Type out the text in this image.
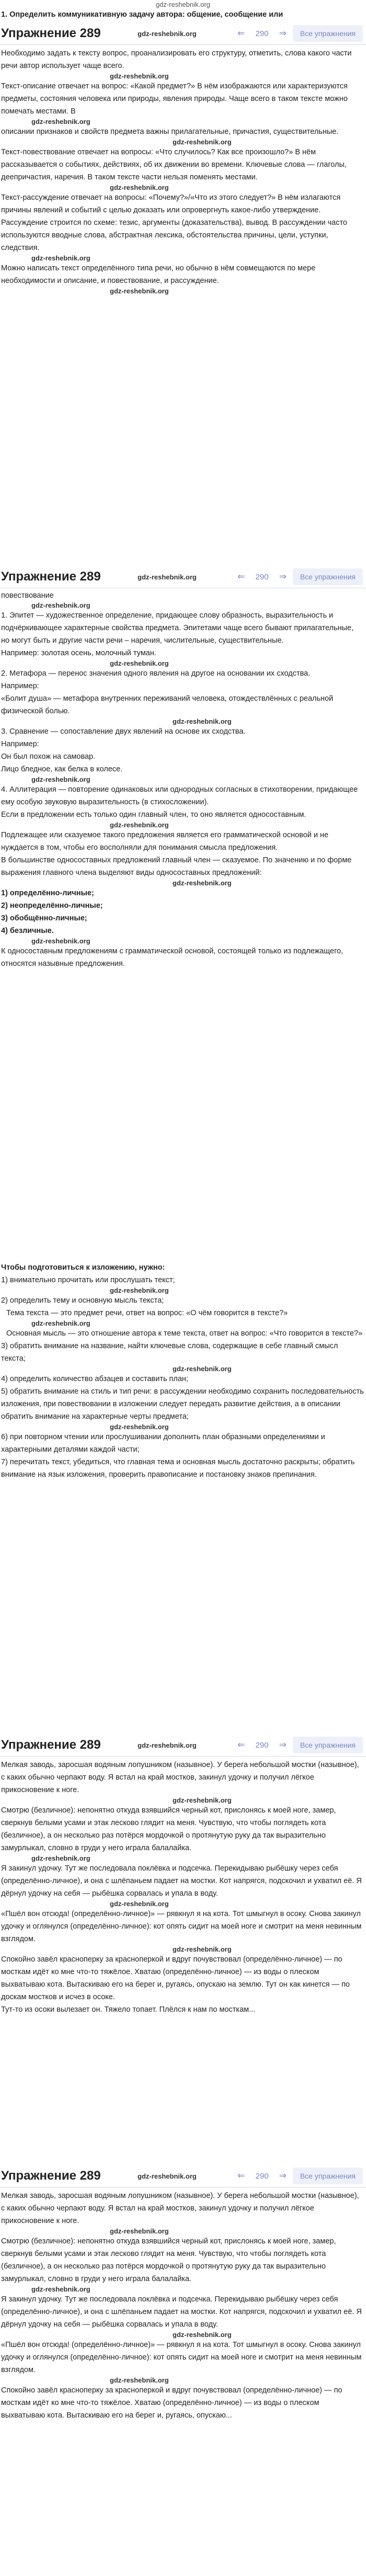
gdz-reshebnik.org
1. Определить коммуникативную задачу автора: общение, сообщение или
Упражнение 289	gdz-reshebnik.org	⇐	290	⇒	Все упражнения
Необходимо задать к тексту вопрос, проанализировать его структуру, отметить, слова какого части речи автор использует чаще всего.
gdz-reshebnik.org
Текст-описание отвечает на вопрос: «Какой предмет?» В нём изображаются или характеризуются предметы, состояния человека или природы, явления природы. Чаще всего в таком тексте можно помечать местами. В
gdz-reshebnik.org
описании признаков и свойств предмета важны прилагательные, причастия, существительные.
gdz-reshebnik.org
Текст-повествование отвечает на вопросы: «Что случилось? Как все произошло?» В нём рассказывается о событиях, действиях, об их движении во времени. Ключевые слова — глаголы, деепричастия, наречия. В таком тексте части нельзя поменять местами.
gdz-reshebnik.org
Текст-рассуждение отвечает на вопросы: «Почему?»/«Что из этого следует?» В нём излагаются причины явлений и событий с целью доказать или опровергнуть какое-либо утверждение. Рассуждение строится по схеме: тезис, аргументы (доказательства), вывод. В рассуждении часто используются вводные слова, абстрактная лексика, обстоятельства причины, цели, уступки, следствия.
gdz-reshebnik.org
Можно написать текст определённого типа речи, но обычно в нём совмещаются по мере необходимости и описание, и повествование, и рассуждение.
gdz-reshebnik.org
Упражнение 289	gdz-reshebnik.org	⇐	290	⇒	Все упражнения
повествование
gdz-reshebnik.org
1. Эпитет — художественное определение, придающее слову образность, выразительность и подчёркивающее характерные свойства предмета. Эпитетами чаще всего бывают прилагательные, но могут быть и другие части речи – наречия, числительные, существительные.
Например: золотая осень, молочный туман.
gdz-reshebnik.org
2. Метафора — перенос значения одного явления на другое на основании их сходства.
Например:
«Болит душа» — метафора внутренних переживаний человека, отождествлённых с реальной физической болью.
gdz-reshebnik.org
3. Сравнение — сопоставление двух явлений на основе их сходства.
Например:
Он был похож на самовар.
Лицо бледное, как белка в колесе.
gdz-reshebnik.org
4. Аллитерация — повторение одинаковых или однородных согласных в стихотворении, придающее ему особую звуковую выразительность (в стихосложении).
Если в предложении есть только один главный член, то оно является односоставным.
gdz-reshebnik.org
Подлежащее или сказуемое такого предложения является его грамматической основой и не нуждается в том, чтобы его восполняли для понимания смысла предложения.
В большинстве односоставных предложений главный член — сказуемое. По значению и по форме выражения главного члена выделяют виды односоставных предложений:
gdz-reshebnik.org
1) определённо-личные;
2) неопределённо-личные;
3) обобщённо-личные;
4) безличные.
gdz-reshebnik.org
К односоставным предложениям с грамматической основой, состоящей только из подлежащего, относятся назывные предложения.
Чтобы подготовиться к изложению, нужно:
1) внимательно прочитать или прослушать текст;
gdz-reshebnik.org
2) определить тему и основную мысль текста;
Тема текста — это предмет речи, ответ на вопрос: «О чём говорится в тексте?»
gdz-reshebnik.org
Основная мысль — это отношение автора к теме текста, ответ на вопрос: «Что говорится в тексте?»
3) обратить внимание на название, найти ключевые слова, содержащие в себе главный смысл текста;
gdz-reshebnik.org
4) определить количество абзацев и составить план;
5) обратить внимание на стиль и тип речи: в рассуждении необходимо сохранить последовательность изложения, при повествовании в изложении следует передать развитие действия, а в описании обратить внимание на характерные черты предмета;
gdz-reshebnik.org
6) при повторном чтении или прослушивании дополнить план образными определениями и характерными деталями каждой части;
7) перечитать текст, убедиться, что главная тема и основная мысль достаточно раскрыты; обратить внимание на язык изложения, проверить правописание и постановку знаков препинания.
Упражнение 289	gdz-reshebnik.org	⇐	290	⇒	Все упражнения
Мелкая заводь, заросшая водяным лопушником (назывное). У берега небольшой мостки (назывное), с каких обычно черпают воду. Я встал на край мостков, закинул удочку и получил лёгкое прикосновение к ноге.
gdz-reshebnik.org
Смотрю (безличное): непонятно откуда взявшийся черный кот, прислонясь к моей ноге, замер, сверкнув белыми усами и этак лесково глядит на меня. Чувствую, что чтобы поглядеть кота (безличное), а он несколько раз потёрся мордочкой о протянутую руку да так выразительно замурлыкал, словно в груди у него играла балалайка.
gdz-reshebnik.org
Я закинул удочку. Тут же последовала поклёвка и подсечка. Перекидываю рыбёшку через себя (определённо-личное), и она с шлёпаньем падает на мостки. Кот напрягся, подскочил и ухватил её. Я дёрнул удочку на себя — рыбёшка сорвалась и упала в воду.
gdz-reshebnik.org
«Пшёл вон отсюда! (определённо-личное)» — рявкнул я на кота. Тот шмыгнул в осоку. Снова закинул удочку и оглянулся (определённо-личное): кот опять сидит на моей ноге и смотрит на меня невинным взглядом.
gdz-reshebnik.org
Спокойно завёл красноперку за красноперкой и вдруг почувствовал (определённо-личное) — по мосткам идёт ко мне что-то тяжёлое. Хватаю (определённо-личное) — из воды о плеском выхватываю кота. Вытаскиваю его на берег и, ругаясь, опускаю на землю. Тут он как кинется — по доскам мостков и исчез в осоке.
Тут-то из осоки вылезает он. Тяжело топает. Плёлся к нам по мосткам...
Упражнение 289	gdz-reshebnik.org	⇐	290	⇒	Все упражнения
Мелкая заводь, заросшая водяным лопушником (назывное). У берега небольшой мостки (назывное), с каких обычно черпают воду. Я встал на край мостков, закинул удочку и получил лёгкое прикосновение к ноге.
gdz-reshebnik.org
Смотрю (безличное): непонятно откуда взявшийся черный кот, прислонясь к моей ноге, замер, сверкнув белыми усами и этак лесково глядит на меня. Чувствую, что чтобы поглядеть кота (безличное), а он несколько раз потёрся мордочкой о протянутую руку да так выразительно замурлыкал, словно в груди у него играла балалайка.
gdz-reshebnik.org
Я закинул удочку. Тут же последовала поклёвка и подсечка. Перекидываю рыбёшку через себя (определённо-личное), и она с шлёпаньем падает на мостки. Кот напрягся, подскочил и ухватил её. Я дёрнул удочку на себя — рыбёшка сорвалась и упала в воду.
gdz-reshebnik.org
«Пшёл вон отсюда! (определённо-личное)» — рявкнул я на кота. Тот шмыгнул в осоку. Снова закинул удочку и оглянулся (определённо-личное): кот опять сидит на моей ноге и смотрит на меня невинным взглядом.
gdz-reshebnik.org
Спокойно завёл красноперку за красноперкой и вдруг почувствовал (определённо-личное) — по мосткам идёт ко мне что-то тяжёлое. Хватаю (определённо-личное) — из воды о плеском выхватываю кота. Вытаскиваю его на берег и, ругаясь, опускаю...
